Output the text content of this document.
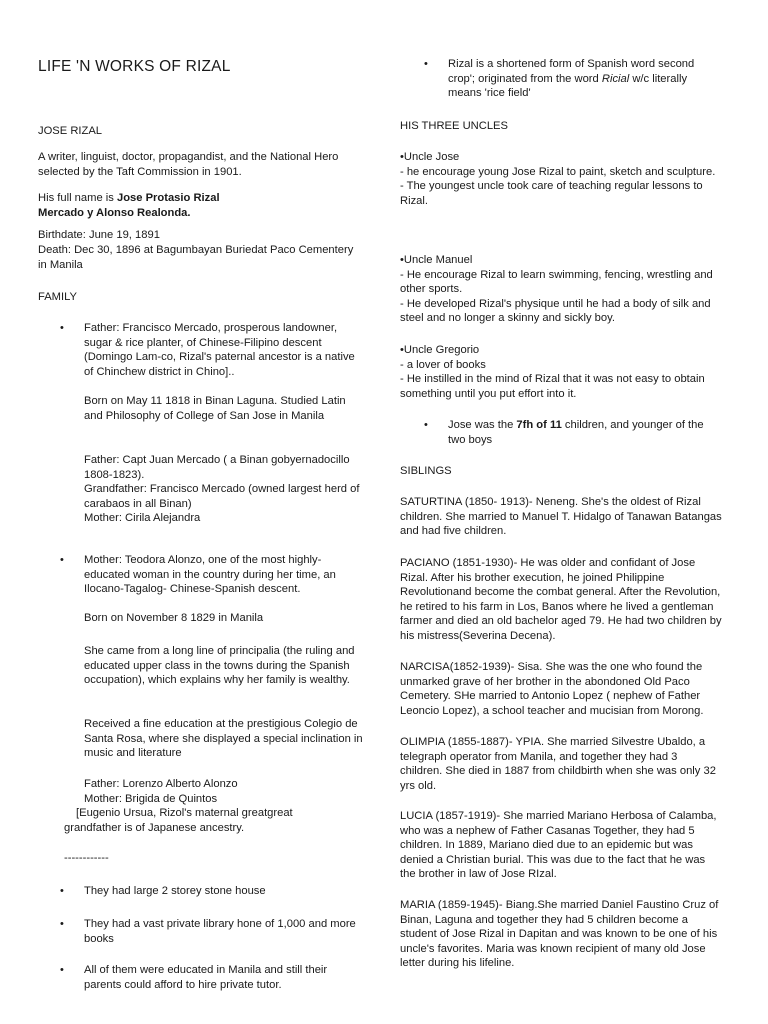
LIFE 'N WORKS OF RIZAL
JOSE RIZAL

A writer, linguist, doctor, propagandist, and the National Hero selected by the Taft Commission in 1901.

His full name is Jose Protasio Rizal
Mercado y Alonso Realonda.
Birthdate: June 19, 1891
Death: Dec 30, 1896 at Bagumbayan Buriedat Paco Cementery in Manila
FAMILY
• Father: Francisco Mercado, prosperous landowner, sugar & rice planter, of Chinese-Filipino descent (Domingo Lam-co, Rizal's paternal ancestor is a native of Chinchew district in Chino]..

Born on May 11 1818 in Binan Laguna. Studied Latin and Philosophy of College of San Jose in Manila

Father: Capt Juan Mercado ( a Binan gobyernadocillo 1808-1823).
Grandfather: Francisco Mercado (owned largest herd of carabaos in all Binan)
Mother: Cirila Alejandra
• Mother: Teodora Alonzo, one of the most highly-educated woman in the country during her time, an Ilocano-Tagalog- Chinese-Spanish descent.

Born on November 8 1829 in Manila

She came from a long line of principalia (the ruling and educated upper class in the towns during the Spanish occupation), which explains why her family is wealthy.

Received a fine education at the prestigious Colegio de Santa Rosa, where she displayed a special inclination in music and literature

Father: Lorenzo Alberto Alonzo
Mother: Brigida de Quintos

[Eugenio Ursua, Rizol's maternal greatgreat grandfather is of Japanese ancestry.

------------
• They had large 2 storey stone house

• They had a vast private library hone of 1,000 and more books

• All of them were educated in Manila and still their parents could afford to hire private tutor.

• Rizal is a shortened form of Spanish word second crop'; originated from the word Ricial w/c literally means 'rice field'

HIS THREE UNCLES
•Uncle Jose
- he encourage young Jose Rizal to paint, sketch and sculpture.
- The youngest uncle took care of teaching regular lessons to Rizal.
•Uncle Manuel
- He encourage Rizal to learn swimming, fencing, wrestling and other sports.
- He developed Rizal's physique until he had a body of silk and steel and no longer a skinny and sickly boy.
•Uncle Gregorio
- a lover of books
- He instilled in the mind of Rizal that it was not easy to obtain something until you put effort into it.
• Jose was the 7fh of 11 children, and younger of the two boys

SIBLINGS

SATURTINA (1850- 1913)- Neneng. She's the oldest of Rizal children. She married to Manuel T. Hidalgo of Tanawan Batangas and had five children.

PACIANO (1851-1930)- He was older and confidant of Jose Rizal. After his brother execution, he joined Philippine Revolutionand become the combat general. After the Revolution, he retired to his farm in Los, Banos where he lived a gentleman farmer and died an old bachelor aged 79. He had two children by his mistress(Severina Decena).

NARCISA(1852-1939)- Sisa. She was the one who found the unmarked grave of her brother in the abondoned Old Paco Cemetery. SHe married to Antonio Lopez ( nephew of Father Leoncio Lopez), a school teacher and mucisian from Morong.

OLIMPIA (1855-1887)- YPIA. She married Silvestre Ubaldo, a telegraph operator from Manila, and together they had 3 children. She died in 1887 from childbirth when she was only 32 yrs old.

LUCIA (1857-1919)- She married Mariano Herbosa of Calamba, who was a nephew of Father Casanas Together, they had 5 children. In 1889, Mariano died due to an epidemic but was denied a Christian burial. This was due to the fact that he was the brother in law of Jose RIzal.

MARIA (1859-1945)- Biang.She married Daniel Faustino Cruz of Binan, Laguna and together they had 5 children become a student of Jose Rizal in Dapitan and was known to be one of his uncle's favorites. Maria was known recipient of many old Jose letter during his lifeline.
